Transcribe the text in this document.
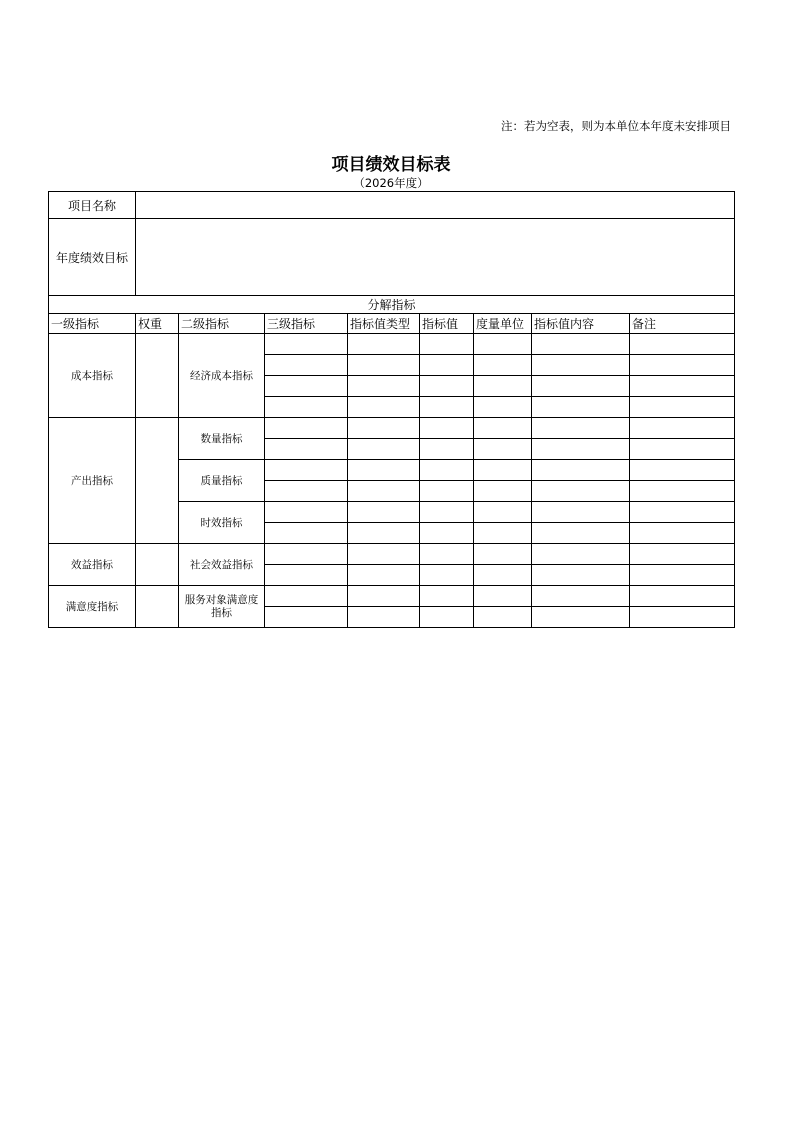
注：若为空表，则为本单位本年度未安排项目
项目绩效目标表
（2026年度）
项目名称								
年度绩效目标								
分解指标								
一级指标	权重	二级指标	三级指标	指标值类型	指标值	度量单位	指标值内容	备注
成本指标		经济成本指标						

产出指标		数量指标						

		质量指标						

		时效指标						

效益指标		社会效益指标						

满意度指标		服务对象满意度指标						
